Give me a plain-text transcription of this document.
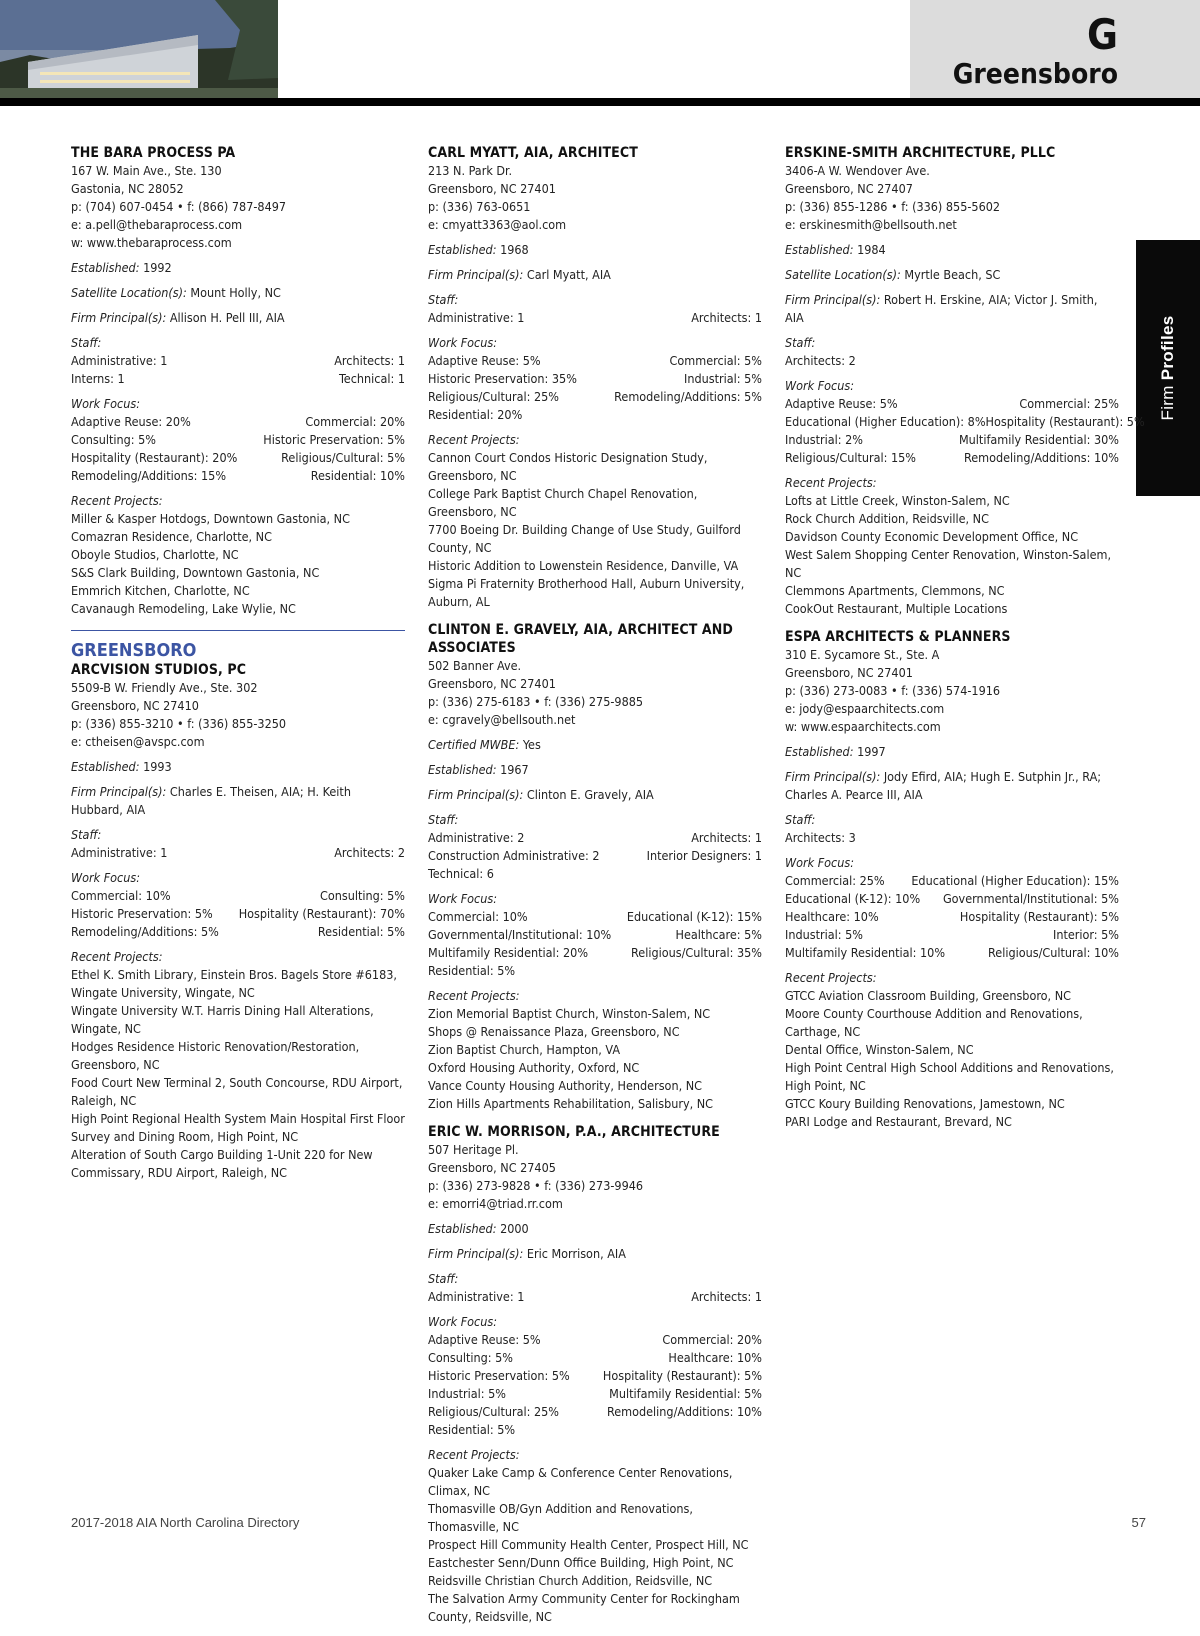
G
Greensboro
Firm Profiles
THE BARA PROCESS PA
167 W. Main Ave., Ste. 130
Gastonia, NC 28052
p: (704) 607-0454 • f: (866) 787-8497
e: a.pell@thebaraprocess.com
w: www.thebaraprocess.com
Established: 1992
Satellite Location(s): Mount Holly, NC
Firm Principal(s): Allison H. Pell III, AIA
Staff:
Administrative: 1	Architects: 1
Interns: 1	Technical: 1
Work Focus:
Adaptive Reuse: 20%	Commercial: 20%
Consulting: 5%	Historic Preservation: 5%
Hospitality (Restaurant): 20%	Religious/Cultural: 5%
Remodeling/Additions: 15%	Residential: 10%
Recent Projects:
Miller & Kasper Hotdogs, Downtown Gastonia, NC
Comazran Residence, Charlotte, NC
Oboyle Studios, Charlotte, NC
S&S Clark Building, Downtown Gastonia, NC
Emmrich Kitchen, Charlotte, NC
Cavanaugh Remodeling, Lake Wylie, NC
GREENSBORO
ARCVISION STUDIOS, PC
5509-B W. Friendly Ave., Ste. 302
Greensboro, NC 27410
p: (336) 855-3210 • f: (336) 855-3250
e: ctheisen@avspc.com
Established: 1993
Firm Principal(s): Charles E. Theisen, AIA; H. Keith Hubbard, AIA
Staff:
Administrative: 1	Architects: 2
Work Focus:
Commercial: 10%	Consulting: 5%
Historic Preservation: 5% Hospitality (Restaurant): 70%
Remodeling/Additions: 5%	Residential: 5%
Recent Projects:
Ethel K. Smith Library, Einstein Bros. Bagels Store #6183, Wingate University, Wingate, NC
Wingate University W.T. Harris Dining Hall Alterations, Wingate, NC
Hodges Residence Historic Renovation/Restoration, Greensboro, NC
Food Court New Terminal 2, South Concourse, RDU Airport, Raleigh, NC
High Point Regional Health System Main Hospital First Floor Survey and Dining Room, High Point, NC
Alteration of South Cargo Building 1-Unit 220 for New Commissary, RDU Airport, Raleigh, NC
CARL MYATT, AIA, ARCHITECT
213 N. Park Dr.
Greensboro, NC 27401
p: (336) 763-0651
e: cmyatt3363@aol.com
Established: 1968
Firm Principal(s): Carl Myatt, AIA
Staff:
Administrative: 1	Architects: 1
Work Focus:
Adaptive Reuse: 5%	Commercial: 5%
Historic Preservation: 35%	Industrial: 5%
Religious/Cultural: 25%	Remodeling/Additions: 5%
Residential: 20%
Recent Projects:
Cannon Court Condos Historic Designation Study, Greensboro, NC
College Park Baptist Church Chapel Renovation, Greensboro, NC
7700 Boeing Dr. Building Change of Use Study, Guilford County, NC
Historic Addition to Lowenstein Residence, Danville, VA
Sigma Pi Fraternity Brotherhood Hall, Auburn University, Auburn, AL
CLINTON E. GRAVELY, AIA, ARCHITECT AND ASSOCIATES
502 Banner Ave.
Greensboro, NC 27401
p: (336) 275-6183 • f: (336) 275-9885
e: cgravely@bellsouth.net
Certified MWBE: Yes
Established: 1967
Firm Principal(s): Clinton E. Gravely, AIA
Staff:
Administrative: 2	Architects: 1
Construction Administrative: 2	Interior Designers: 1
Technical: 6
Work Focus:
Commercial: 10%	Educational (K-12): 15%
Governmental/Institutional: 10%	Healthcare: 5%
Multifamily Residential: 20%	Religious/Cultural: 35%
Residential: 5%
Recent Projects:
Zion Memorial Baptist Church, Winston-Salem, NC
Shops @ Renaissance Plaza, Greensboro, NC
Zion Baptist Church, Hampton, VA
Oxford Housing Authority, Oxford, NC
Vance County Housing Authority, Henderson, NC
Zion Hills Apartments Rehabilitation, Salisbury, NC
ERIC W. MORRISON, P.A., ARCHITECTURE
507 Heritage Pl.
Greensboro, NC 27405
p: (336) 273-9828 • f: (336) 273-9946
e: emorri4@triad.rr.com
Established: 2000
Firm Principal(s): Eric Morrison, AIA
Staff:
Administrative: 1	Architects: 1
Work Focus:
Adaptive Reuse: 5%	Commercial: 20%
Consulting: 5%	Healthcare: 10%
Historic Preservation: 5%	Hospitality (Restaurant): 5%
Industrial: 5%	Multifamily Residential: 5%
Religious/Cultural: 25%	Remodeling/Additions: 10%
Residential: 5%
Recent Projects:
Quaker Lake Camp & Conference Center Renovations, Climax, NC
Thomasville OB/Gyn Addition and Renovations, Thomasville, NC
Prospect Hill Community Health Center, Prospect Hill, NC
Eastchester Senn/Dunn Office Building, High Point, NC
Reidsville Christian Church Addition, Reidsville, NC
The Salvation Army Community Center for Rockingham County, Reidsville, NC
ERSKINE-SMITH ARCHITECTURE, PLLC
3406-A W. Wendover Ave.
Greensboro, NC 27407
p: (336) 855-1286 • f: (336) 855-5602
e: erskinesmith@bellsouth.net
Established: 1984
Satellite Location(s): Myrtle Beach, SC
Firm Principal(s): Robert H. Erskine, AIA; Victor J. Smith, AIA
Staff:
Architects: 2
Work Focus:
Adaptive Reuse: 5%	Commercial: 25%
Educational (Higher Education): 8% Hospitality (Restaurant): 5%
Industrial: 2%	Multifamily Residential: 30%
Religious/Cultural: 15%	Remodeling/Additions: 10%
Recent Projects:
Lofts at Little Creek, Winston-Salem, NC
Rock Church Addition, Reidsville, NC
Davidson County Economic Development Office, NC
West Salem Shopping Center Renovation, Winston-Salem, NC
Clemmons Apartments, Clemmons, NC
CookOut Restaurant, Multiple Locations
ESPA ARCHITECTS & PLANNERS
310 E. Sycamore St., Ste. A
Greensboro, NC 27401
p: (336) 273-0083 • f: (336) 574-1916
e: jody@espaarchitects.com
w: www.espaarchitects.com
Established: 1997
Firm Principal(s): Jody Efird, AIA; Hugh E. Sutphin Jr., RA; Charles A. Pearce III, AIA
Staff:
Architects: 3
Work Focus:
Commercial: 25% Educational (Higher Education): 15%
Educational (K-12): 10% Governmental/Institutional: 5%
Healthcare: 10%	Hospitality (Restaurant): 5%
Industrial: 5%	Interior: 5%
Multifamily Residential: 10%	Religious/Cultural: 10%
Recent Projects:
GTCC Aviation Classroom Building, Greensboro, NC
Moore County Courthouse Addition and Renovations, Carthage, NC
Dental Office, Winston-Salem, NC
High Point Central High School Additions and Renovations, High Point, NC
GTCC Koury Building Renovations, Jamestown, NC
PARI Lodge and Restaurant, Brevard, NC
2017-2018 AIA North Carolina Directory	57
